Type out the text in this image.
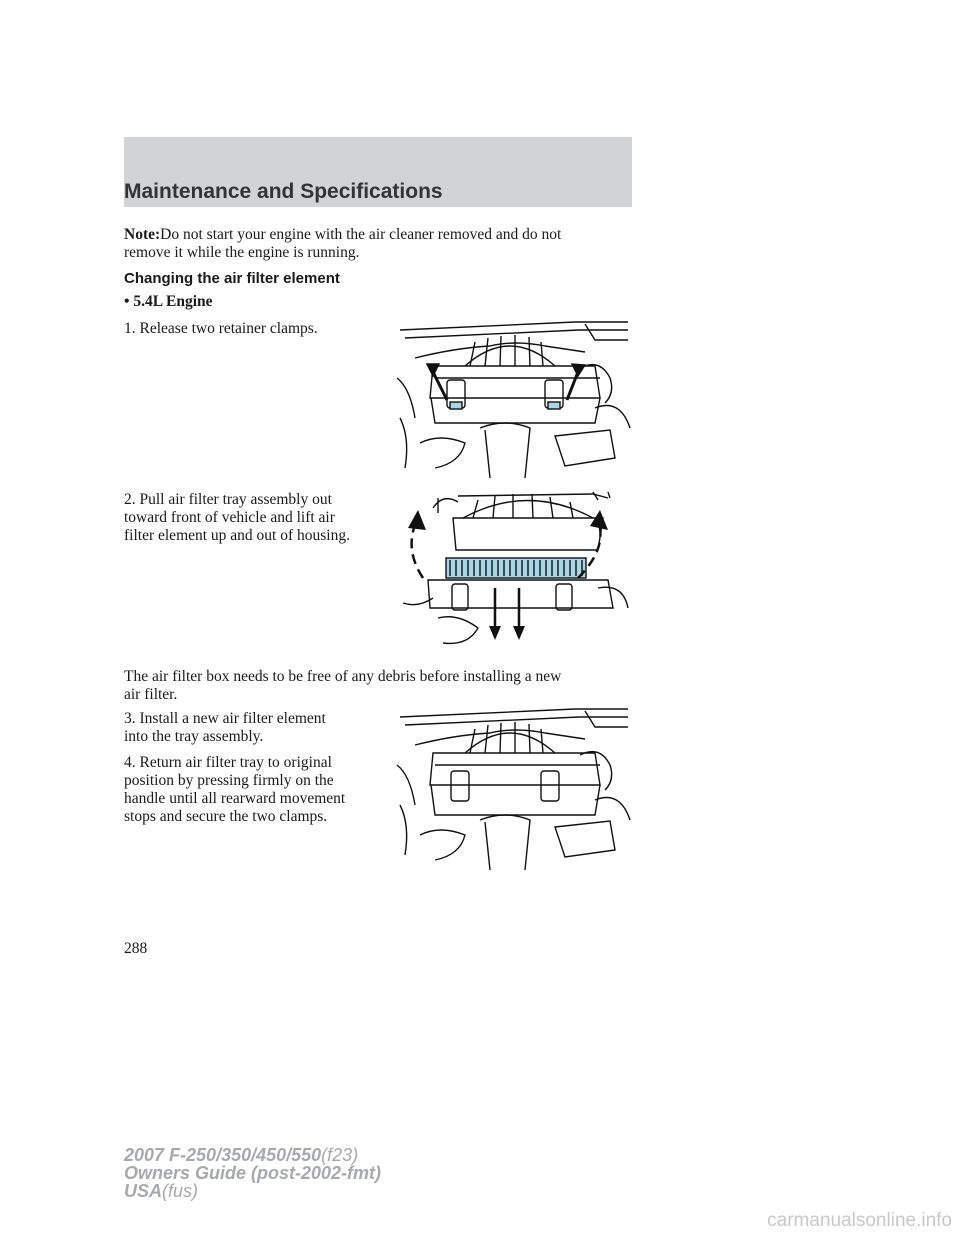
Maintenance and Specifications
Note:Do not start your engine with the air cleaner removed and do not
remove it while the engine is running.
Changing the air filter element
• 5.4L Engine
1. Release two retainer clamps.
2. Pull air filter tray assembly out
toward front of vehicle and lift air
filter element up and out of housing.
The air filter box needs to be free of any debris before installing a new
air filter.
3. Install a new air filter element
into the tray assembly.
4. Return air filter tray to original
position by pressing firmly on the
handle until all rearward movement
stops and secure the two clamps.
288
2007 F-250/350/450/550(f23)
Owners Guide (post-2002-fmt)
USA(fus)
carmanualsonline.info
